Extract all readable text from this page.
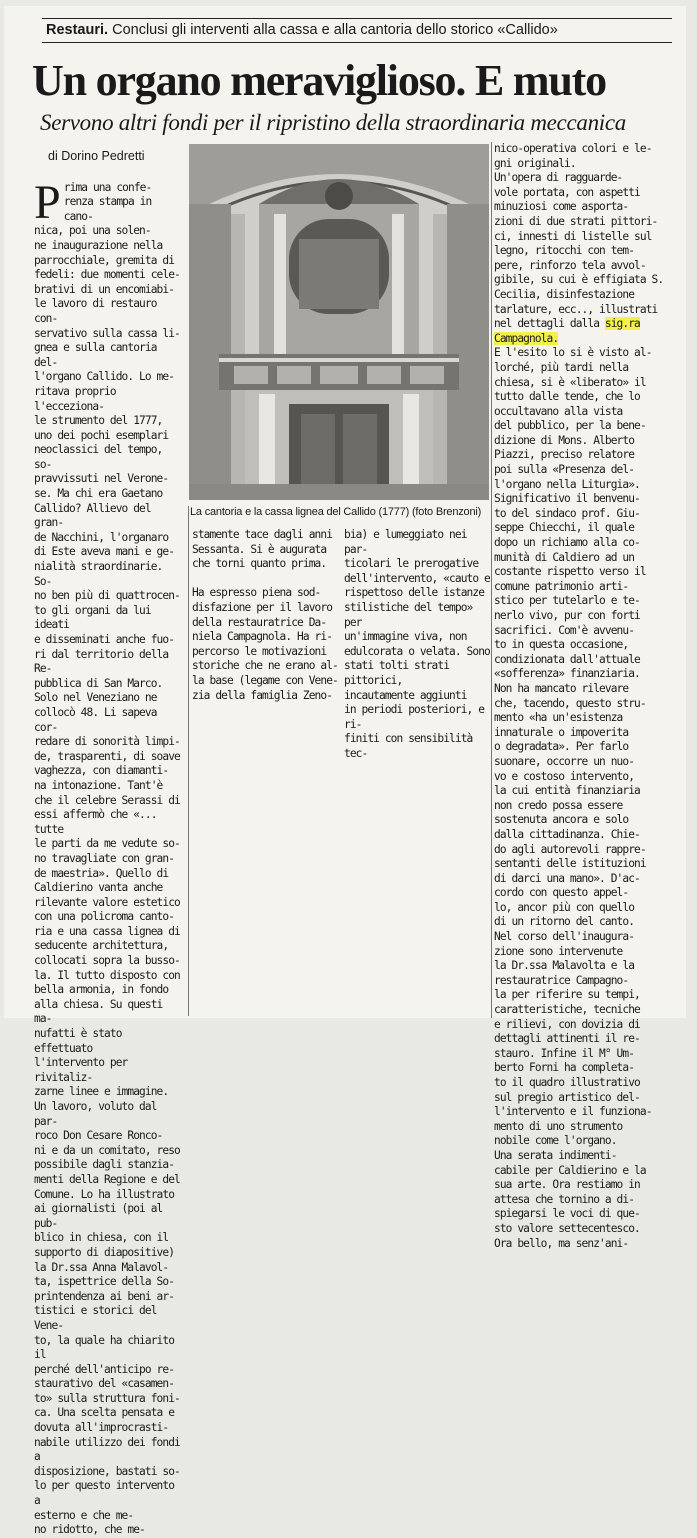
Restauri. Conclusi gli interventi alla cassa e alla cantoria dello storico «Callido»
Un organo meraviglioso. E muto
Servono altri fondi per il ripristino della straordinaria meccanica
di Dorino Pedretti

Prima una confe-
renza stampa in cano-
nica, poi una solen-
ne inaugurazione nella
parrocchiale, gremita di
fedeli: due momenti cele-
brativi di un encomiabi-
le lavoro di restauro con-
servativo sulla cassa li-
gnea e sulla cantoria del-
l'organo Callido. Lo me-
ritava proprio l'ecceziona-
le strumento del 1777,
uno dei pochi esemplari
neoclassici del tempo, so-
pravvissuti nel Verone-
se. Ma chi era Gaetano
Callido? Allievo del gran-
de Nacchini, l'organaro
di Este aveva mani e ge-
nialità straordinarie. So-
no ben più di quattrocen-
to gli organi da lui ideati
e disseminati anche fuo-
ri dal territorio della Re-
pubblica di San Marco.
Solo nel Veneziano ne
collocò 48. Li sapeva cor-
redare di sonorità limpi-
de, trasparenti, di soave
vaghezza, con diamanti-
na intonazione. Tant'è
che il celebre Serassi di
essi affermò che «... tutte
le parti da me vedute so-
no travagliate con gran-
de maestria». Quello di
Caldierino vanta anche
rilevante valore estetico
con una policroma canto-
ria e una cassa lignea di
seducente architettura,
collocati sopra la busso-
la. Il tutto disposto con
bella armonia, in fondo
alla chiesa. Su questi ma-
nufatti è stato effettuato
l'intervento per rivitaliz-
zarne linee e immagine.
Un lavoro, voluto dal par-
roco Don Cesare Ronco-
ni e da un comitato, reso
possibile dagli stanzia-
menti della Regione e del
Comune. Lo ha illustrato
ai giornalisti (poi al pub-
blico in chiesa, con il
supporto di diapositive)
la Dr.ssa Anna Malavol-
ta, ispettrice della So-
printendenza ai beni ar-
tistici e storici del Vene-
to, la quale ha chiarito il
perché dell'anticipo re-
staurativo del «casamen-
to» sulla struttura foni-
ca. Una scelta pensata e
dovuta all'improcrasti-
nabile utilizzo dei fondi a
disposizione, bastati so-
lo per questo intervento a
esterno e che me-
no ridotto, che me-

La cantoria e la cassa lignea del Callido (1777) (foto Brenzoni)
stamente tace dagli anni
Sessanta. Si è augurata
che torni quanto prima.

Ha espresso piena sod-
disfazione per il lavoro
della restauratrice Da-
niela Campagnola. Ha ri-
percorso le motivazioni
storiche che ne erano al-
la base (legame con Vene-
zia della famiglia Zeno-
bia) e lumeggiato nei par-
ticolari le prerogative
dell'intervento, «cauto e
rispettoso delle istanze
stilistiche del tempo» per
un'immagine viva, non
edulcorata o velata. Sono
stati tolti strati pittorici,
incautamente aggiunti
in periodi posteriori, e ri-
finiti con sensibilità tec-
nico-operativa colori e le-
gni originali.
Un'opera di ragguarde-
vole portata, con aspetti
minuziosi come asporta-
zioni di due strati pittori-
ci, innesti di listelle sul
legno, ritocchi con tem-
pere, rinforzo tela avvol-
gibile, su cui è effigiata S.
Cecilia, disinfestazione
tarlature, ecc.., illustrati
nel dettagli dalla sig.ra
Campagnola.
E l'esito lo si è visto al-
lorché, più tardi nella
chiesa, si è «liberato» il
tutto dalle tende, che lo
occultavano alla vista
del pubblico, per la bene-
dizione di Mons. Alberto
Piazzi, preciso relatore
poi sulla «Presenza del-
l'organo nella Liturgia».
Significativo il benvenu-
to del sindaco prof. Giu-
seppe Chiecchi, il quale
dopo un richiamo alla co-
munità di Caldiero ad un
costante rispetto verso il
comune patrimonio arti-
stico per tutelarlo e te-
nerlo vivo, pur con forti
sacrifici. Com'è avvenu-
to in questa occasione,
condizionata dall'attuale
«sofferenza» finanziaria.
Non ha mancato rilevare
che, tacendo, questo stru-
mento «ha un'esistenza
innaturale o impoverita
o degradata». Per farlo
suonare, occorre un nuo-
vo e costoso intervento,
la cui entità finanziaria
non credo possa essere
sostenuta ancora e solo
dalla cittadinanza. Chie-
do agli autorevoli rappre-
sentanti delle istituzioni
di darci una mano». D'ac-
cordo con questo appel-
lo, ancor più con quello
di un ritorno del canto.
Nel corso dell'inaugura-
zione sono intervenute
la Dr.ssa Malavolta e la
restauratrice Campagno-
la per riferire su tempi,
caratteristiche, tecniche
e rilievi, con dovizia di
dettagli attinenti il re-
stauro. Infine il M° Um-
berto Forni ha completa-
to il quadro illustrativo
sul pregio artistico del-
l'intervento e il funziona-
mento di uno strumento
nobile come l'organo.
Una serata indimenti-
cabile per Caldierino e la
sua arte. Ora restiamo in
attesa che tornino a di-
spiegarsi le voci di que-
sto valore settecentesco.
Ora bello, ma senz'ani-
